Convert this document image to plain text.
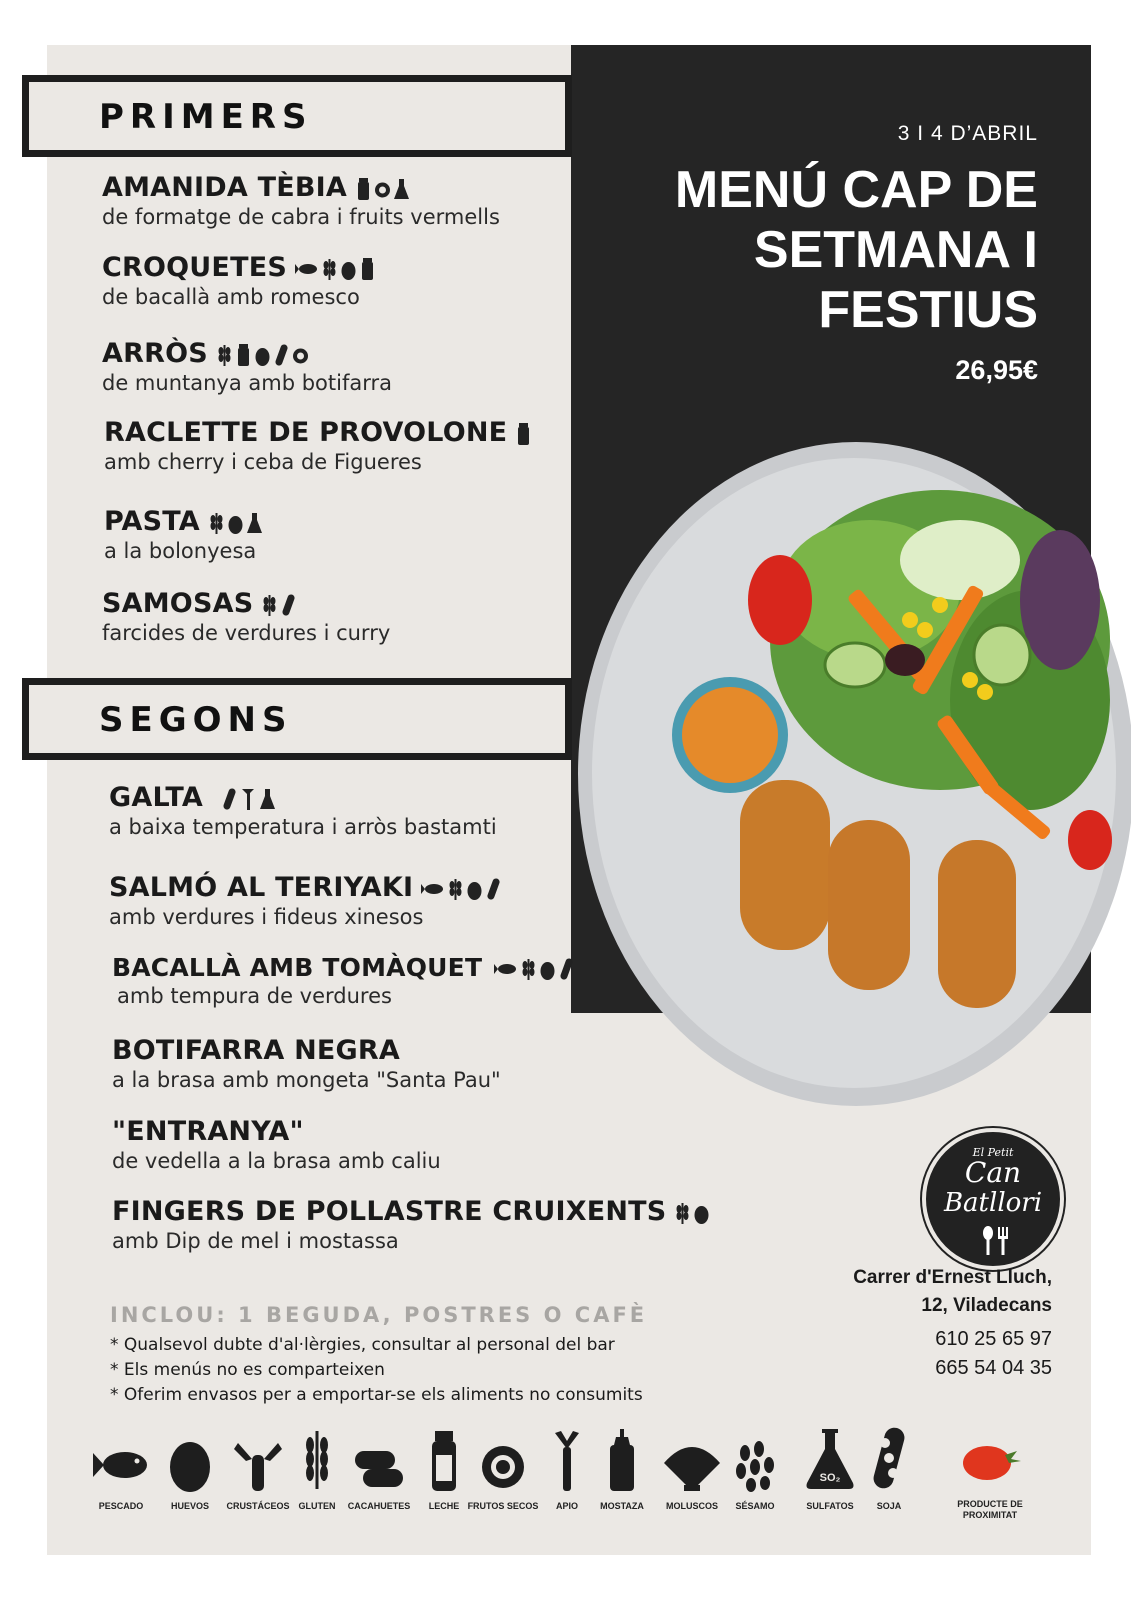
3 I 4 D’ABRIL
MENÚ CAP DE
SETMANA I
FESTIUS
26,95€
PRIMERS
AMANIDA TÈBIA
de formatge de cabra i fruits vermells
CROQUETES
de bacallà amb romesco
ARRÒS
de muntanya amb botifarra
RACLETTE DE PROVOLONE
amb cherry i ceba de Figueres
PASTA
a la bolonyesa
SAMOSAS
farcides de verdures i curry
SEGONS
GALTA
a baixa temperatura i arròs bastamti
SALMÓ AL TERIYAKI
amb verdures i fideus xinesos
BACALLÀ AMB TOMÀQUET
amb tempura de verdures
BOTIFARRA NEGRA
a la brasa amb mongeta "Santa Pau"
"ENTRANYA"
de vedella a la brasa amb caliu
FINGERS DE POLLASTRE CRUIXENTS
amb Dip de mel i mostassa
INCLOU: 1 BEGUDA, POSTRES O CAFÈ
* Qualsevol dubte d'al·lèrgies, consultar al personal del bar
* Els menús no es comparteixen
* Oferim envasos per a emportar-se els aliments no consumits
El Petit
Can
Batllori
Carrer d'Ernest Lluch,
12, Viladecans
610 25 65 97
665 54 04 35
PESCADO	HUEVOS	CRUSTÁCEOS	GLUTEN	CACAHUETES	LECHE FRUTOS SECOS	APIO	MOSTAZA	MOLUSCOS	SÉSAMO
SO₂
SULFATOS	SOJA	PRODUCTE DE PROXIMITAT
